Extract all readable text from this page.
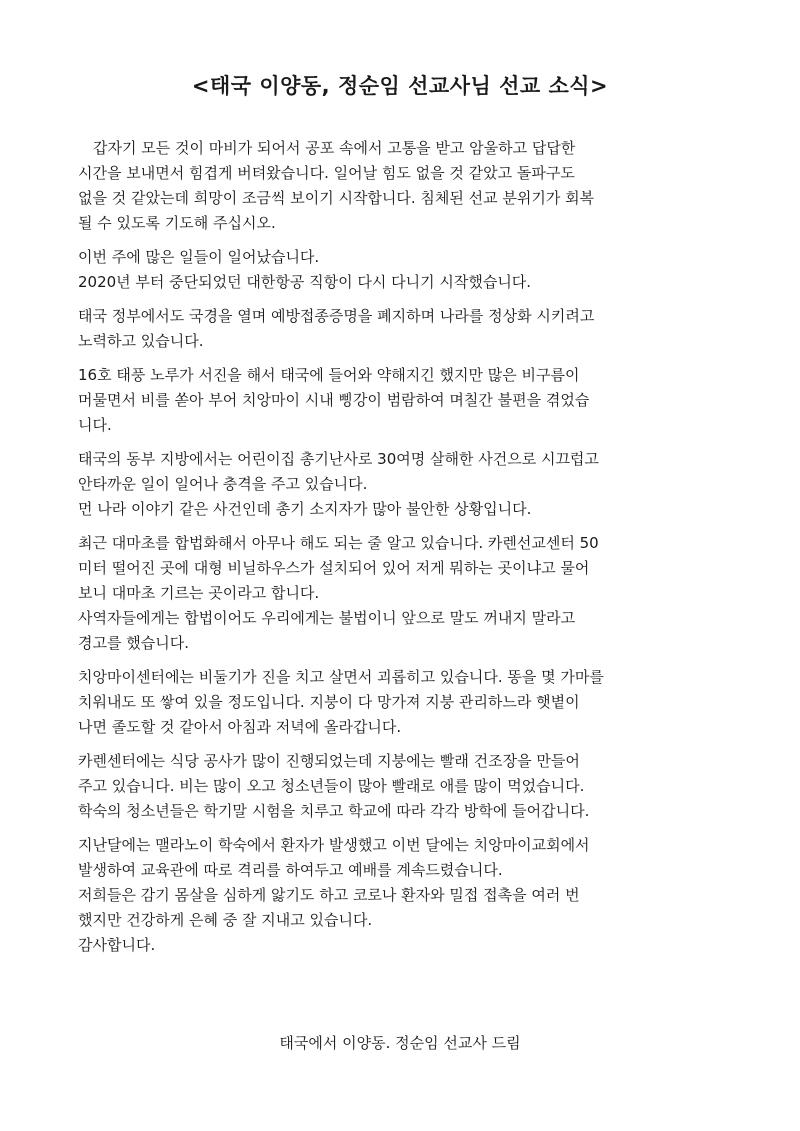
<태국 이양동, 정순임 선교사님 선교 소식>
갑자기 모든 것이 마비가 되어서 공포 속에서 고통을 받고 암울하고 답답한
시간을 보내면서 힘겹게 버텨왔습니다. 일어날 힘도 없을 것 같았고 돌파구도
없을 것 같았는데 희망이 조금씩 보이기 시작합니다. 침체된 선교 분위기가 회복
될 수 있도록 기도해 주십시오.
이번 주에 많은 일들이 일어났습니다.
2020년 부터 중단되었던 대한항공 직항이 다시 다니기 시작했습니다.
태국 정부에서도 국경을 열며 예방접종증명을 폐지하며 나라를 정상화 시키려고
노력하고 있습니다.
16호 태풍 노루가 서진을 해서 태국에 들어와 약해지긴 했지만 많은 비구름이
머물면서 비를 쏟아 부어 치앙마이 시내 삥강이 범람하여 며칠간 불편을 겪었습
니다.
태국의 동부 지방에서는 어린이집 총기난사로 30여명 살해한 사건으로 시끄럽고
안타까운 일이 일어나 충격을 주고 있습니다.
먼 나라 이야기 같은 사건인데 총기 소지자가 많아 불안한 상황입니다.
최근 대마초를 합법화해서 아무나 해도 되는 줄 알고 있습니다. 카렌선교센터 50
미터 떨어진 곳에 대형 비닐하우스가 설치되어 있어 저게 뭐하는 곳이냐고 물어
보니 대마초 기르는 곳이라고 합니다.
사역자들에게는 합법이어도 우리에게는 불법이니 앞으로 말도 꺼내지 말라고
경고를 했습니다.
치앙마이센터에는 비둘기가 진을 치고 살면서 괴롭히고 있습니다. 똥을 몇 가마를
치워내도 또 쌓여 있을 정도입니다. 지붕이 다 망가져 지붕 관리하느라 햇볕이
나면 졸도할 것 같아서 아침과 저녁에 올라갑니다.
카렌센터에는 식당 공사가 많이 진행되었는데 지붕에는 빨래 건조장을 만들어
주고 있습니다. 비는 많이 오고 청소년들이 많아 빨래로 애를 많이 먹었습니다.
학숙의 청소년들은 학기말 시험을 치루고 학교에 따라 각각 방학에 들어갑니다.
지난달에는 맬라노이 학숙에서 환자가 발생했고 이번 달에는 치앙마이교회에서
발생하여 교육관에 따로 격리를 하여두고 예배를 계속드렸습니다.
저희들은 감기 몸살을 심하게 앓기도 하고 코로나 환자와 밀접 접촉을 여러 번
했지만 건강하게 은혜 중 잘 지내고 있습니다.
감사합니다.
태국에서 이양동. 정순임 선교사 드림
